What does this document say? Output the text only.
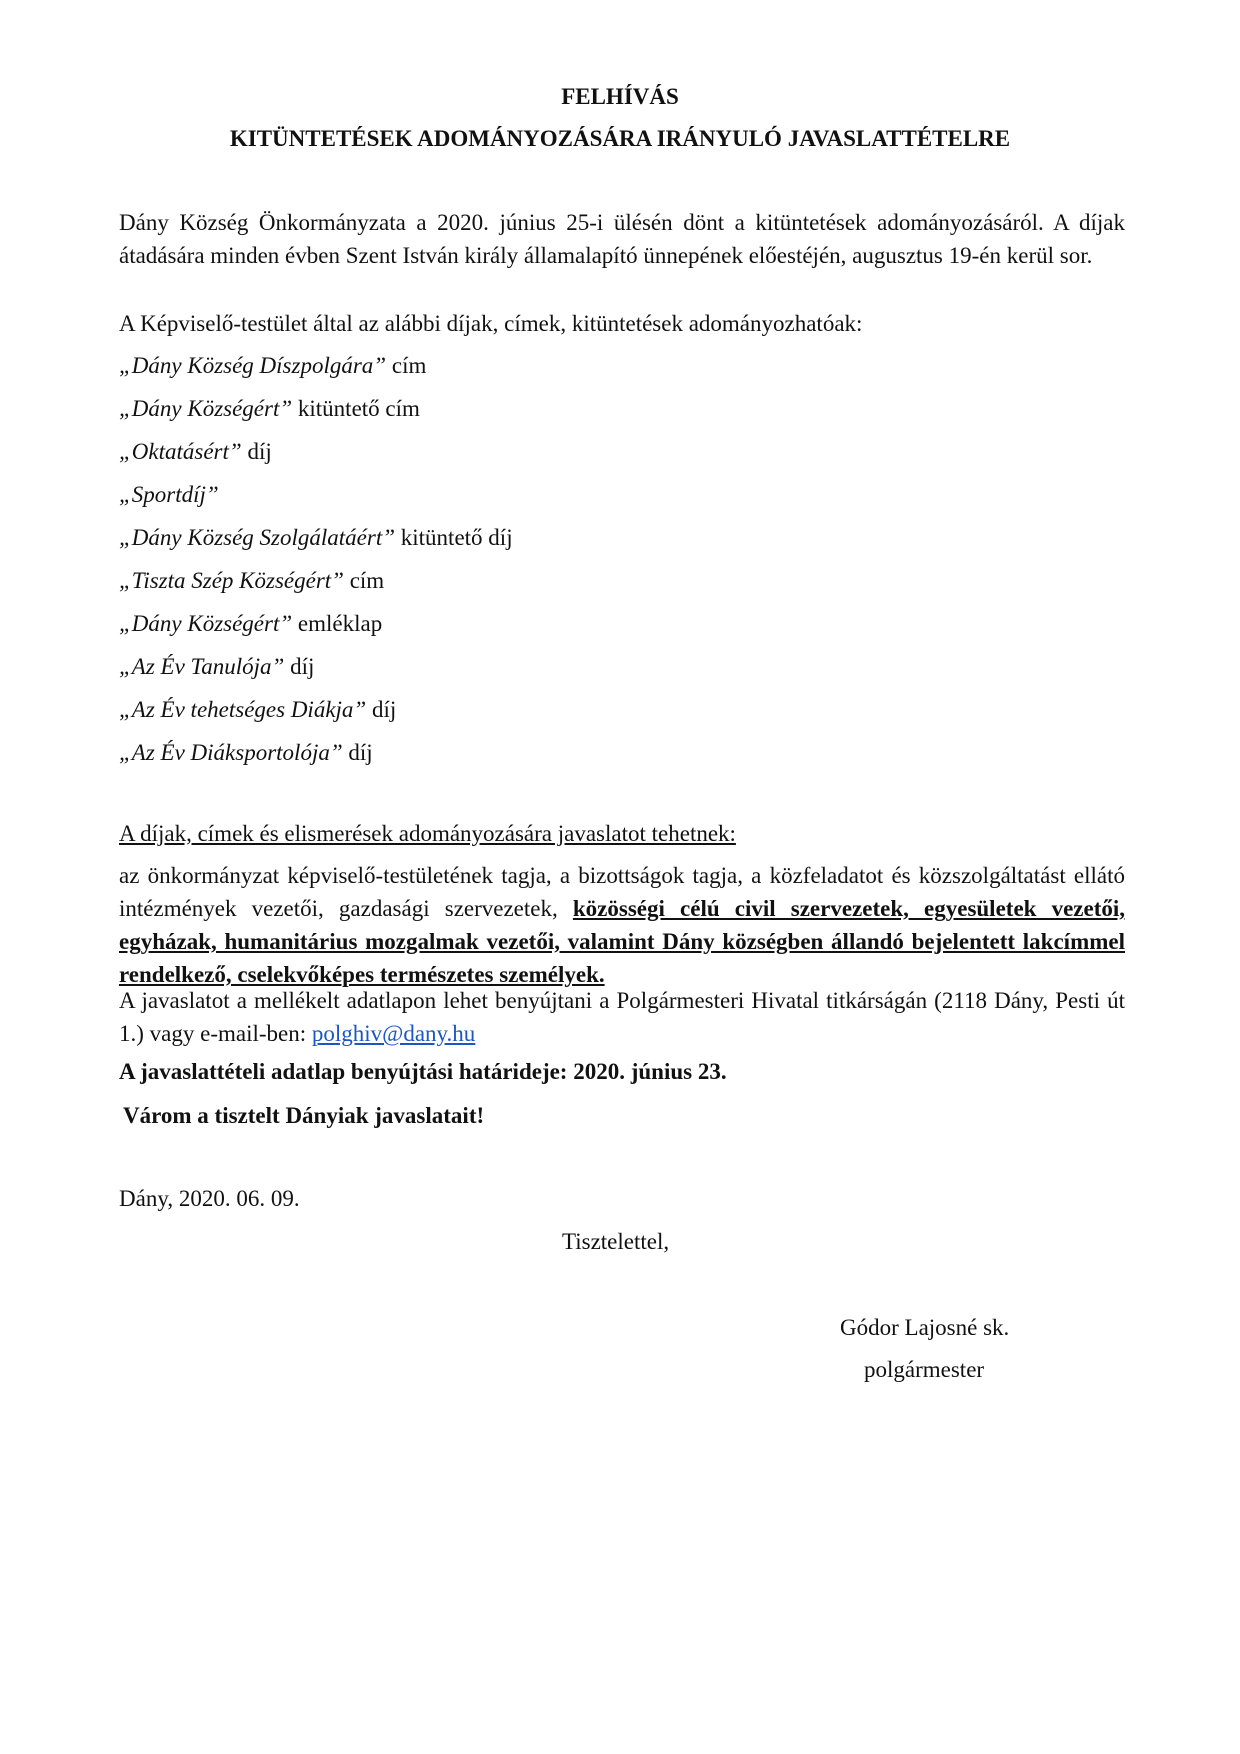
FELHÍVÁS
KITÜNTETÉSEK ADOMÁNYOZÁSÁRA IRÁNYULÓ JAVASLATTÉTELRE
Dány Község Önkormányzata a 2020. június 25-i ülésén dönt a kitüntetések adományozásáról. A díjak átadására minden évben Szent István király államalapító ünnepének előestéjén, augusztus 19-én kerül sor.
A Képviselő-testület által az alábbi díjak, címek, kitüntetések adományozhatóak:
„Dány Község Díszpolgára” cím
„Dány Községért” kitüntető cím
„Oktatásért” díj
„Sportdíj”
„Dány Község Szolgálatáért” kitüntető díj
„Tiszta Szép Községért” cím
„Dány Községért” emléklap
„Az Év Tanulója” díj
„Az Év tehetséges Diákja” díj
„Az Év Diáksportolója” díj
A díjak, címek és elismerések adományozására javaslatot tehetnek:
az önkormányzat képviselő-testületének tagja, a bizottságok tagja, a közfeladatot és közszolgáltatást ellátó intézmények vezetői, gazdasági szervezetek, közösségi célú civil szervezetek, egyesületek vezetői, egyházak, humanitárius mozgalmak vezetői, valamint Dány községben állandó bejelentett lakcímmel rendelkező, cselekvőképes természetes személyek.
A javaslatot a mellékelt adatlapon lehet benyújtani a Polgármesteri Hivatal titkárságán (2118 Dány, Pesti út 1.) vagy e-mail-ben: polghiv@dany.hu
A javaslattételi adatlap benyújtási határideje: 2020. június 23.
Várom a tisztelt Dányiak javaslatait!
Dány, 2020. 06. 09.
Tisztelettel,
Gódor Lajosné sk.
polgármester
